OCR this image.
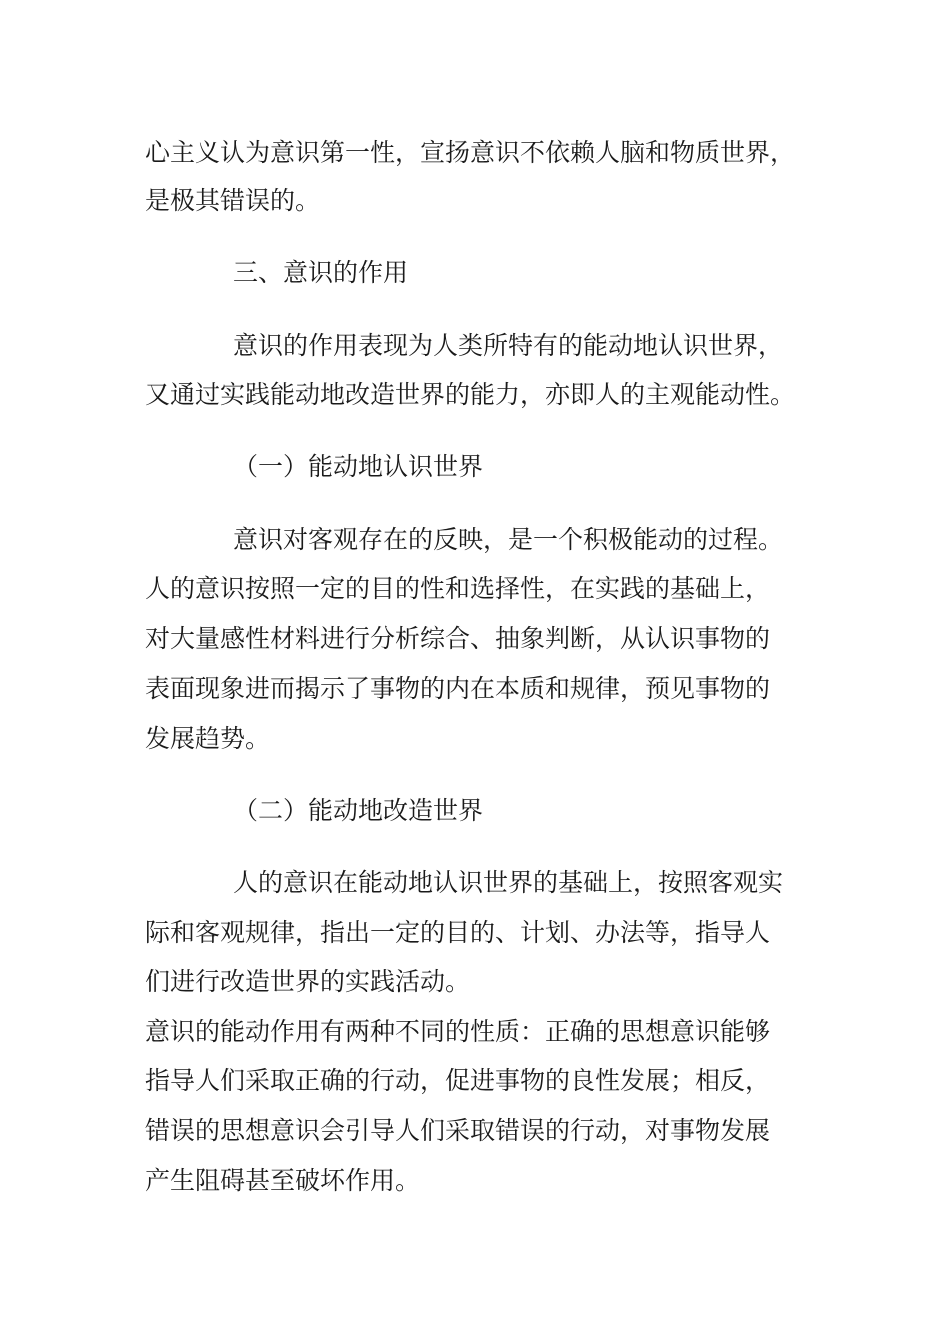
心主义认为意识第一性，宣扬意识不依赖人脑和物质世界，
是极其错误的。
三、意识的作用
意识的作用表现为人类所特有的能动地认识世界，
又通过实践能动地改造世界的能力，亦即人的主观能动性。
（一）能动地认识世界
意识对客观存在的反映，是一个积极能动的过程。
人的意识按照一定的目的性和选择性，在实践的基础上，
对大量感性材料进行分析综合、抽象判断，从认识事物的
表面现象进而揭示了事物的内在本质和规律，预见事物的
发展趋势。
（二）能动地改造世界
人的意识在能动地认识世界的基础上，按照客观实
际和客观规律，指出一定的目的、计划、办法等，指导人
们进行改造世界的实践活动。
意识的能动作用有两种不同的性质：正确的思想意识能够
指导人们采取正确的行动，促进事物的良性发展；相反，
错误的思想意识会引导人们采取错误的行动，对事物发展
产生阻碍甚至破坏作用。
